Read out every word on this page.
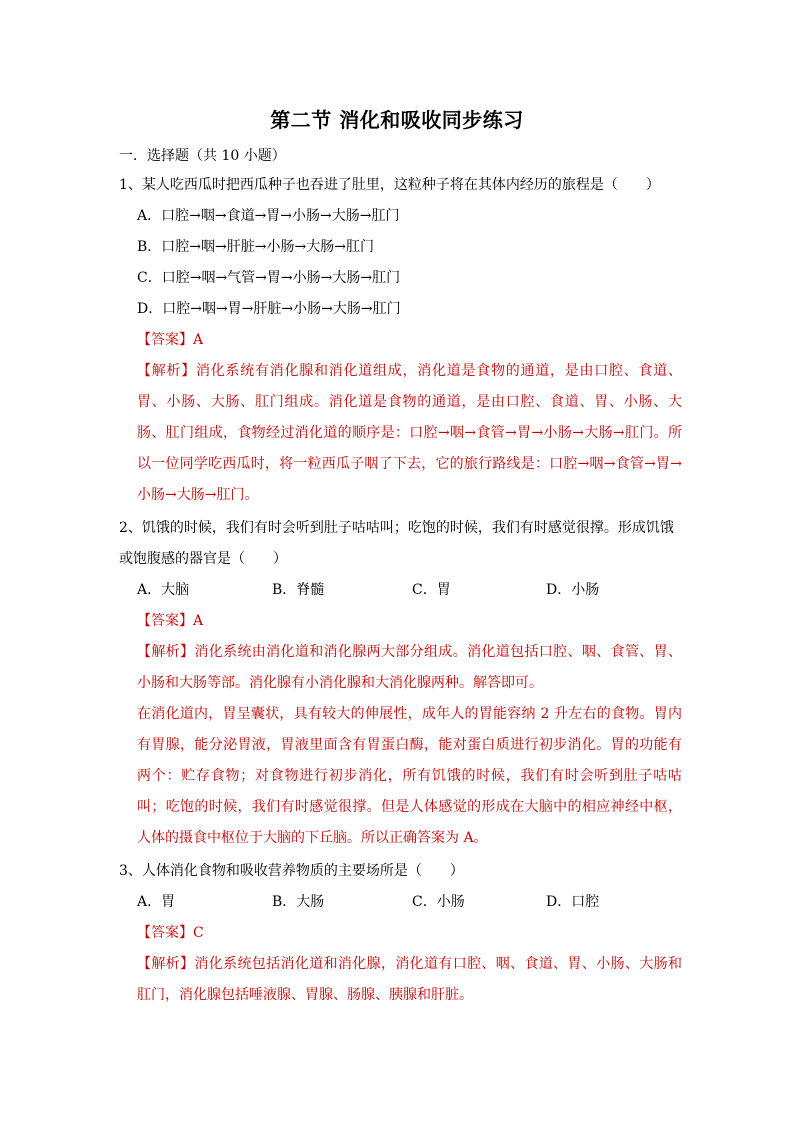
第二节 消化和吸收同步练习
一．选择题（共 10 小题）
1、某人吃西瓜时把西瓜种子也吞进了肚里，这粒种子将在其体内经历的旅程是（　　）
A．口腔→咽→食道→胃→小肠→大肠→肛门
B．口腔→咽→肝脏→小肠→大肠→肛门
C．口腔→咽→气管→胃→小肠→大肠→肛门
D．口腔→咽→胃→肝脏→小肠→大肠→肛门
【答案】A
【解析】消化系统有消化腺和消化道组成，消化道是食物的通道，是由口腔、食道、胃、小肠、大肠、肛门组成。消化道是食物的通道，是由口腔、食道、胃、小肠、大肠、肛门组成，食物经过消化道的顺序是：口腔→咽→食管→胃→小肠→大肠→肛门。所以一位同学吃西瓜时，将一粒西瓜子咽了下去，它的旅行路线是：口腔→咽→食管→胃→小肠→大肠→肛门。
2、饥饿的时候，我们有时会听到肚子咕咕叫；吃饱的时候，我们有时感觉很撑。形成饥饿或饱腹感的器官是（　　）
A．大脑	B．脊髓	C．胃	D．小肠
【答案】A
【解析】消化系统由消化道和消化腺两大部分组成。消化道包括口腔、咽、食管、胃、小肠和大肠等部。消化腺有小消化腺和大消化腺两种。解答即可。
在消化道内，胃呈囊状，具有较大的伸展性，成年人的胃能容纳 2 升左右的食物。胃内有胃腺，能分泌胃液，胃液里面含有胃蛋白酶，能对蛋白质进行初步消化。胃的功能有两个：贮存食物；对食物进行初步消化，所有饥饿的时候，我们有时会听到肚子咕咕叫；吃饱的时候，我们有时感觉很撑。但是人体感觉的形成在大脑中的相应神经中枢，人体的摄食中枢位于大脑的下丘脑。所以正确答案为 A。
3、人体消化食物和吸收营养物质的主要场所是（　　）
A．胃	B．大肠	C．小肠	D．口腔
【答案】C
【解析】消化系统包括消化道和消化腺，消化道有口腔、咽、食道、胃、小肠、大肠和肛门，消化腺包括唾液腺、胃腺、肠腺、胰腺和肝脏。
